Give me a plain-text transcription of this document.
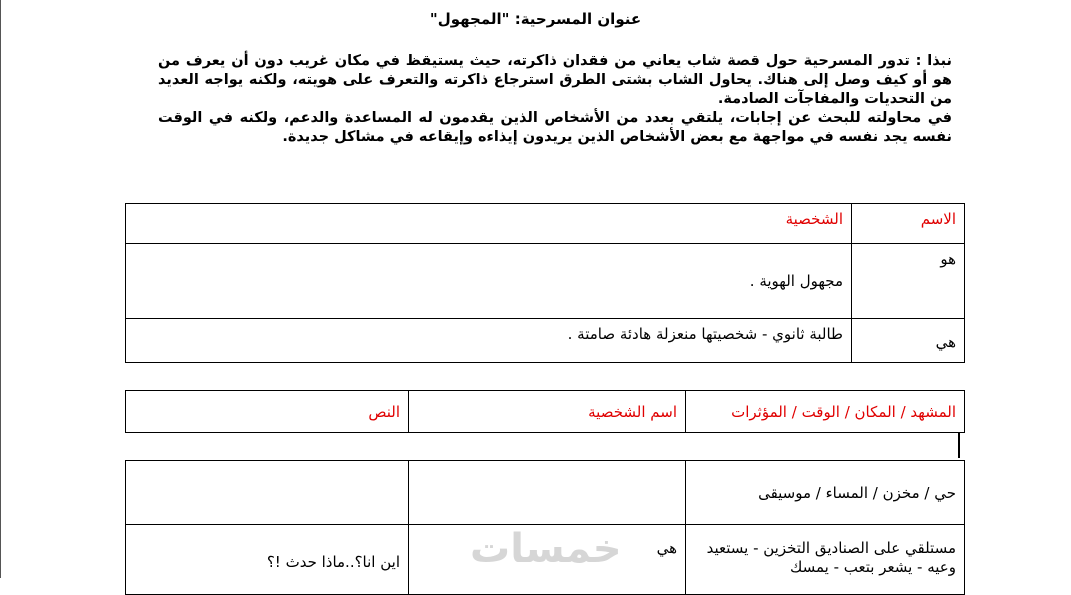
عنوان المسرحية: "المجهول"

نبذا : تدور المسرحية حول قصة شاب يعاني من فقدان ذاكرته، حيث يستيقظ في مكان غريب دون أن يعرف من هو أو كيف وصل إلى هناك. يحاول الشاب بشتى الطرق استرجاع ذاكرته والتعرف على هويته، ولكنه يواجه العديد من التحديات والمفاجآت الصادمة.

في محاولته للبحث عن إجابات، يلتقي بعدد من الأشخاص الذين يقدمون له المساعدة والدعم، ولكنه في الوقت نفسه يجد نفسه في مواجهة مع بعض الأشخاص الذين يريدون إيذاءه وإيقاعه في مشاكل جديدة.

الاسم	الشخصية
هو	مجهول الهوية .
هي	طالبة ثانوي - شخصيتها منعزلة هادئة صامتة .
المشهد / المكان / الوقت / المؤثرات	اسم الشخصية	النص
حي / مخزن / المساء / موسيقى		
مستلقي على الصناديق التخزين - يستعيد وعيه - يشعر بتعب - يمسك	هي	اين انا؟..ماذا حدث !؟ خمسات
